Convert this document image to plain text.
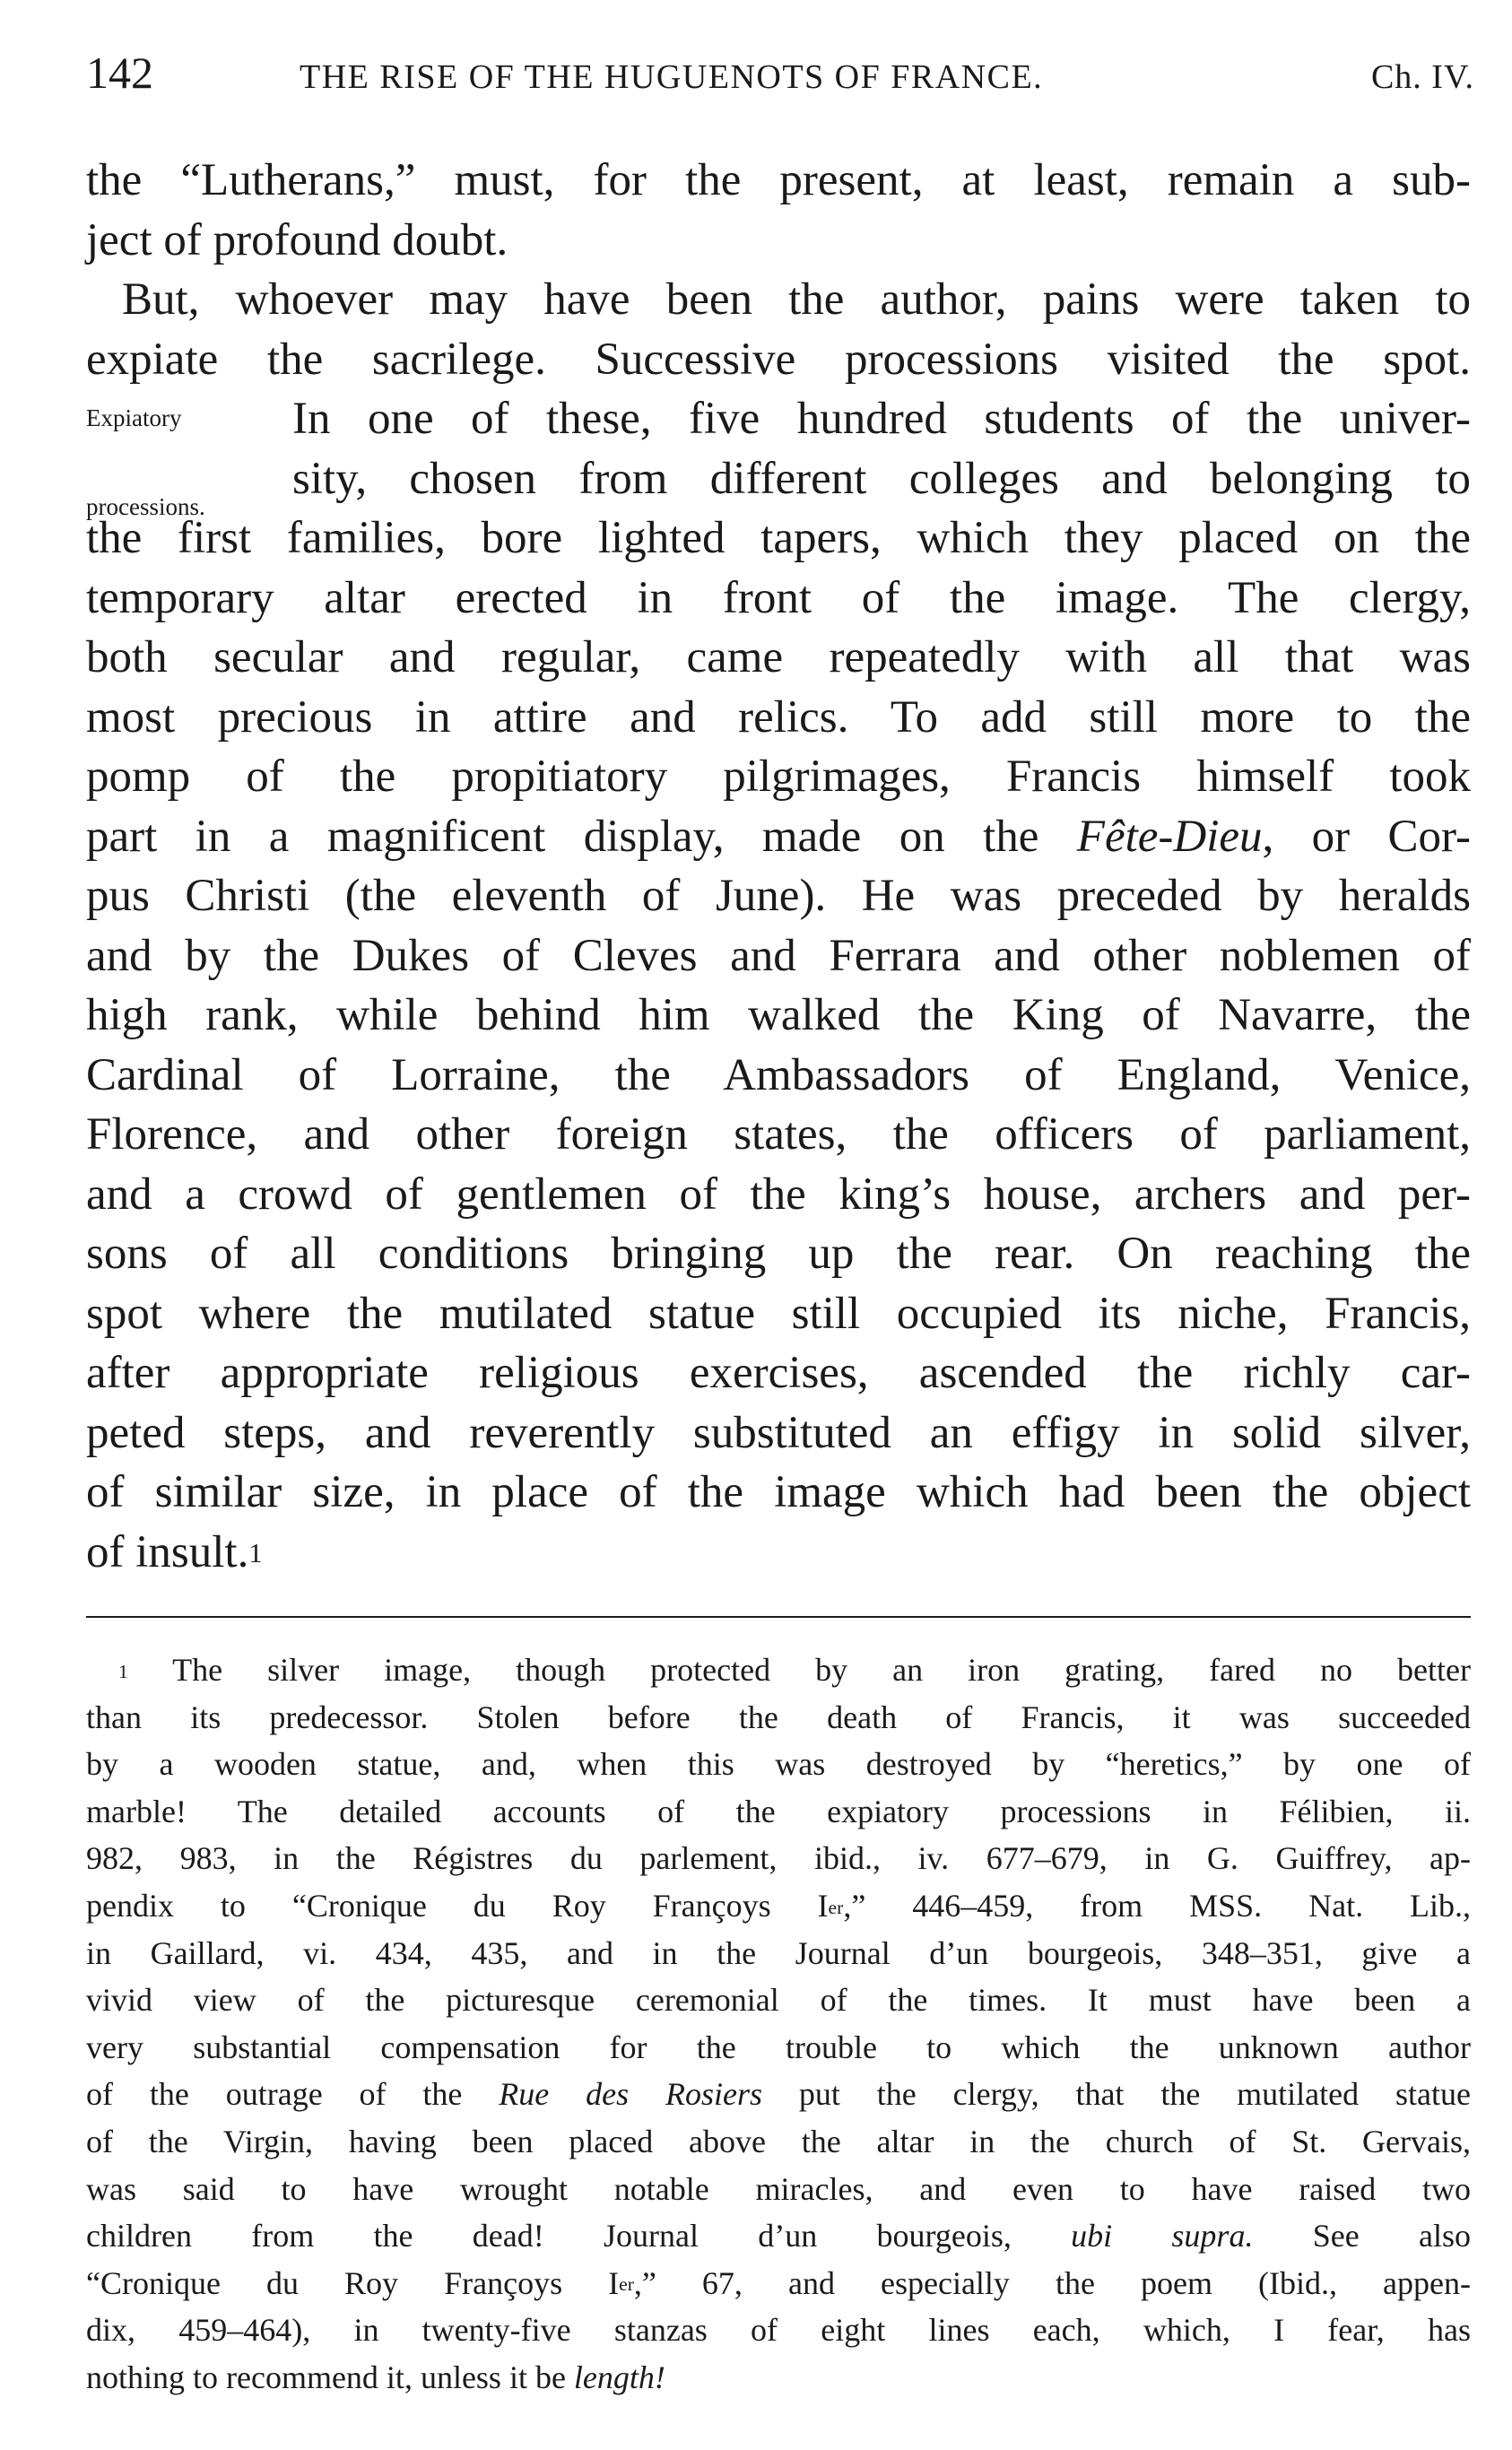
142	THE RISE OF THE HUGUENOTS OF FRANCE.	Ch. IV.
the “Lutherans,” must, for the present, at least, remain a sub-
ject of profound doubt.
But, whoever may have been the author, pains were taken to
expiate the sacrilege. Successive processions visited the spot.
Expiatory	In one of these, five hundred students of the univer-
processions.
sity, chosen from different colleges and belonging to
the first families, bore lighted tapers, which they placed on the
temporary altar erected in front of the image. The clergy,
both secular and regular, came repeatedly with all that was
most precious in attire and relics. To add still more to the
pomp of the propitiatory pilgrimages, Francis himself took
part in a magnificent display, made on the Fête-Dieu, or Cor-
pus Christi (the eleventh of June). He was preceded by heralds
and by the Dukes of Cleves and Ferrara and other noblemen of
high rank, while behind him walked the King of Navarre, the
Cardinal of Lorraine, the Ambassadors of England, Venice,
Florence, and other foreign states, the officers of parliament,
and a crowd of gentlemen of the king’s house, archers and per-
sons of all conditions bringing up the rear. On reaching the
spot where the mutilated statue still occupied its niche, Francis,
after appropriate religious exercises, ascended the richly car-
peted steps, and reverently substituted an effigy in solid silver,
of similar size, in place of the image which had been the object
of insult.$^1$
$^1$ The silver image, though protected by an iron grating, fared no better
than its predecessor. Stolen before the death of Francis, it was succeeded
by a wooden statue, and, when this was destroyed by “heretics,” by one of
marble! The detailed accounts of the expiatory processions in Félibien, ii.
982, 983, in the Régistres du parlement, ibid., iv. 677–679, in G. Guiffrey, ap-
pendix to “Cronique du Roy Françoys Ier,” 446–459, from MSS. Nat. Lib.,
in Gaillard, vi. 434, 435, and in the Journal d’un bourgeois, 348–351, give a
vivid view of the picturesque ceremonial of the times. It must have been a
very substantial compensation for the trouble to which the unknown author
of the outrage of the Rue des Rosiers put the clergy, that the mutilated statue
of the Virgin, having been placed above the altar in the church of St. Gervais,
was said to have wrought notable miracles, and even to have raised two
children from the dead! Journal d’un bourgeois, ubi supra. See also
“Cronique du Roy Françoys Ier,” 67, and especially the poem (Ibid., appen-
dix, 459–464), in twenty-five stanzas of eight lines each, which, I fear, has
nothing to recommend it, unless it be length!
